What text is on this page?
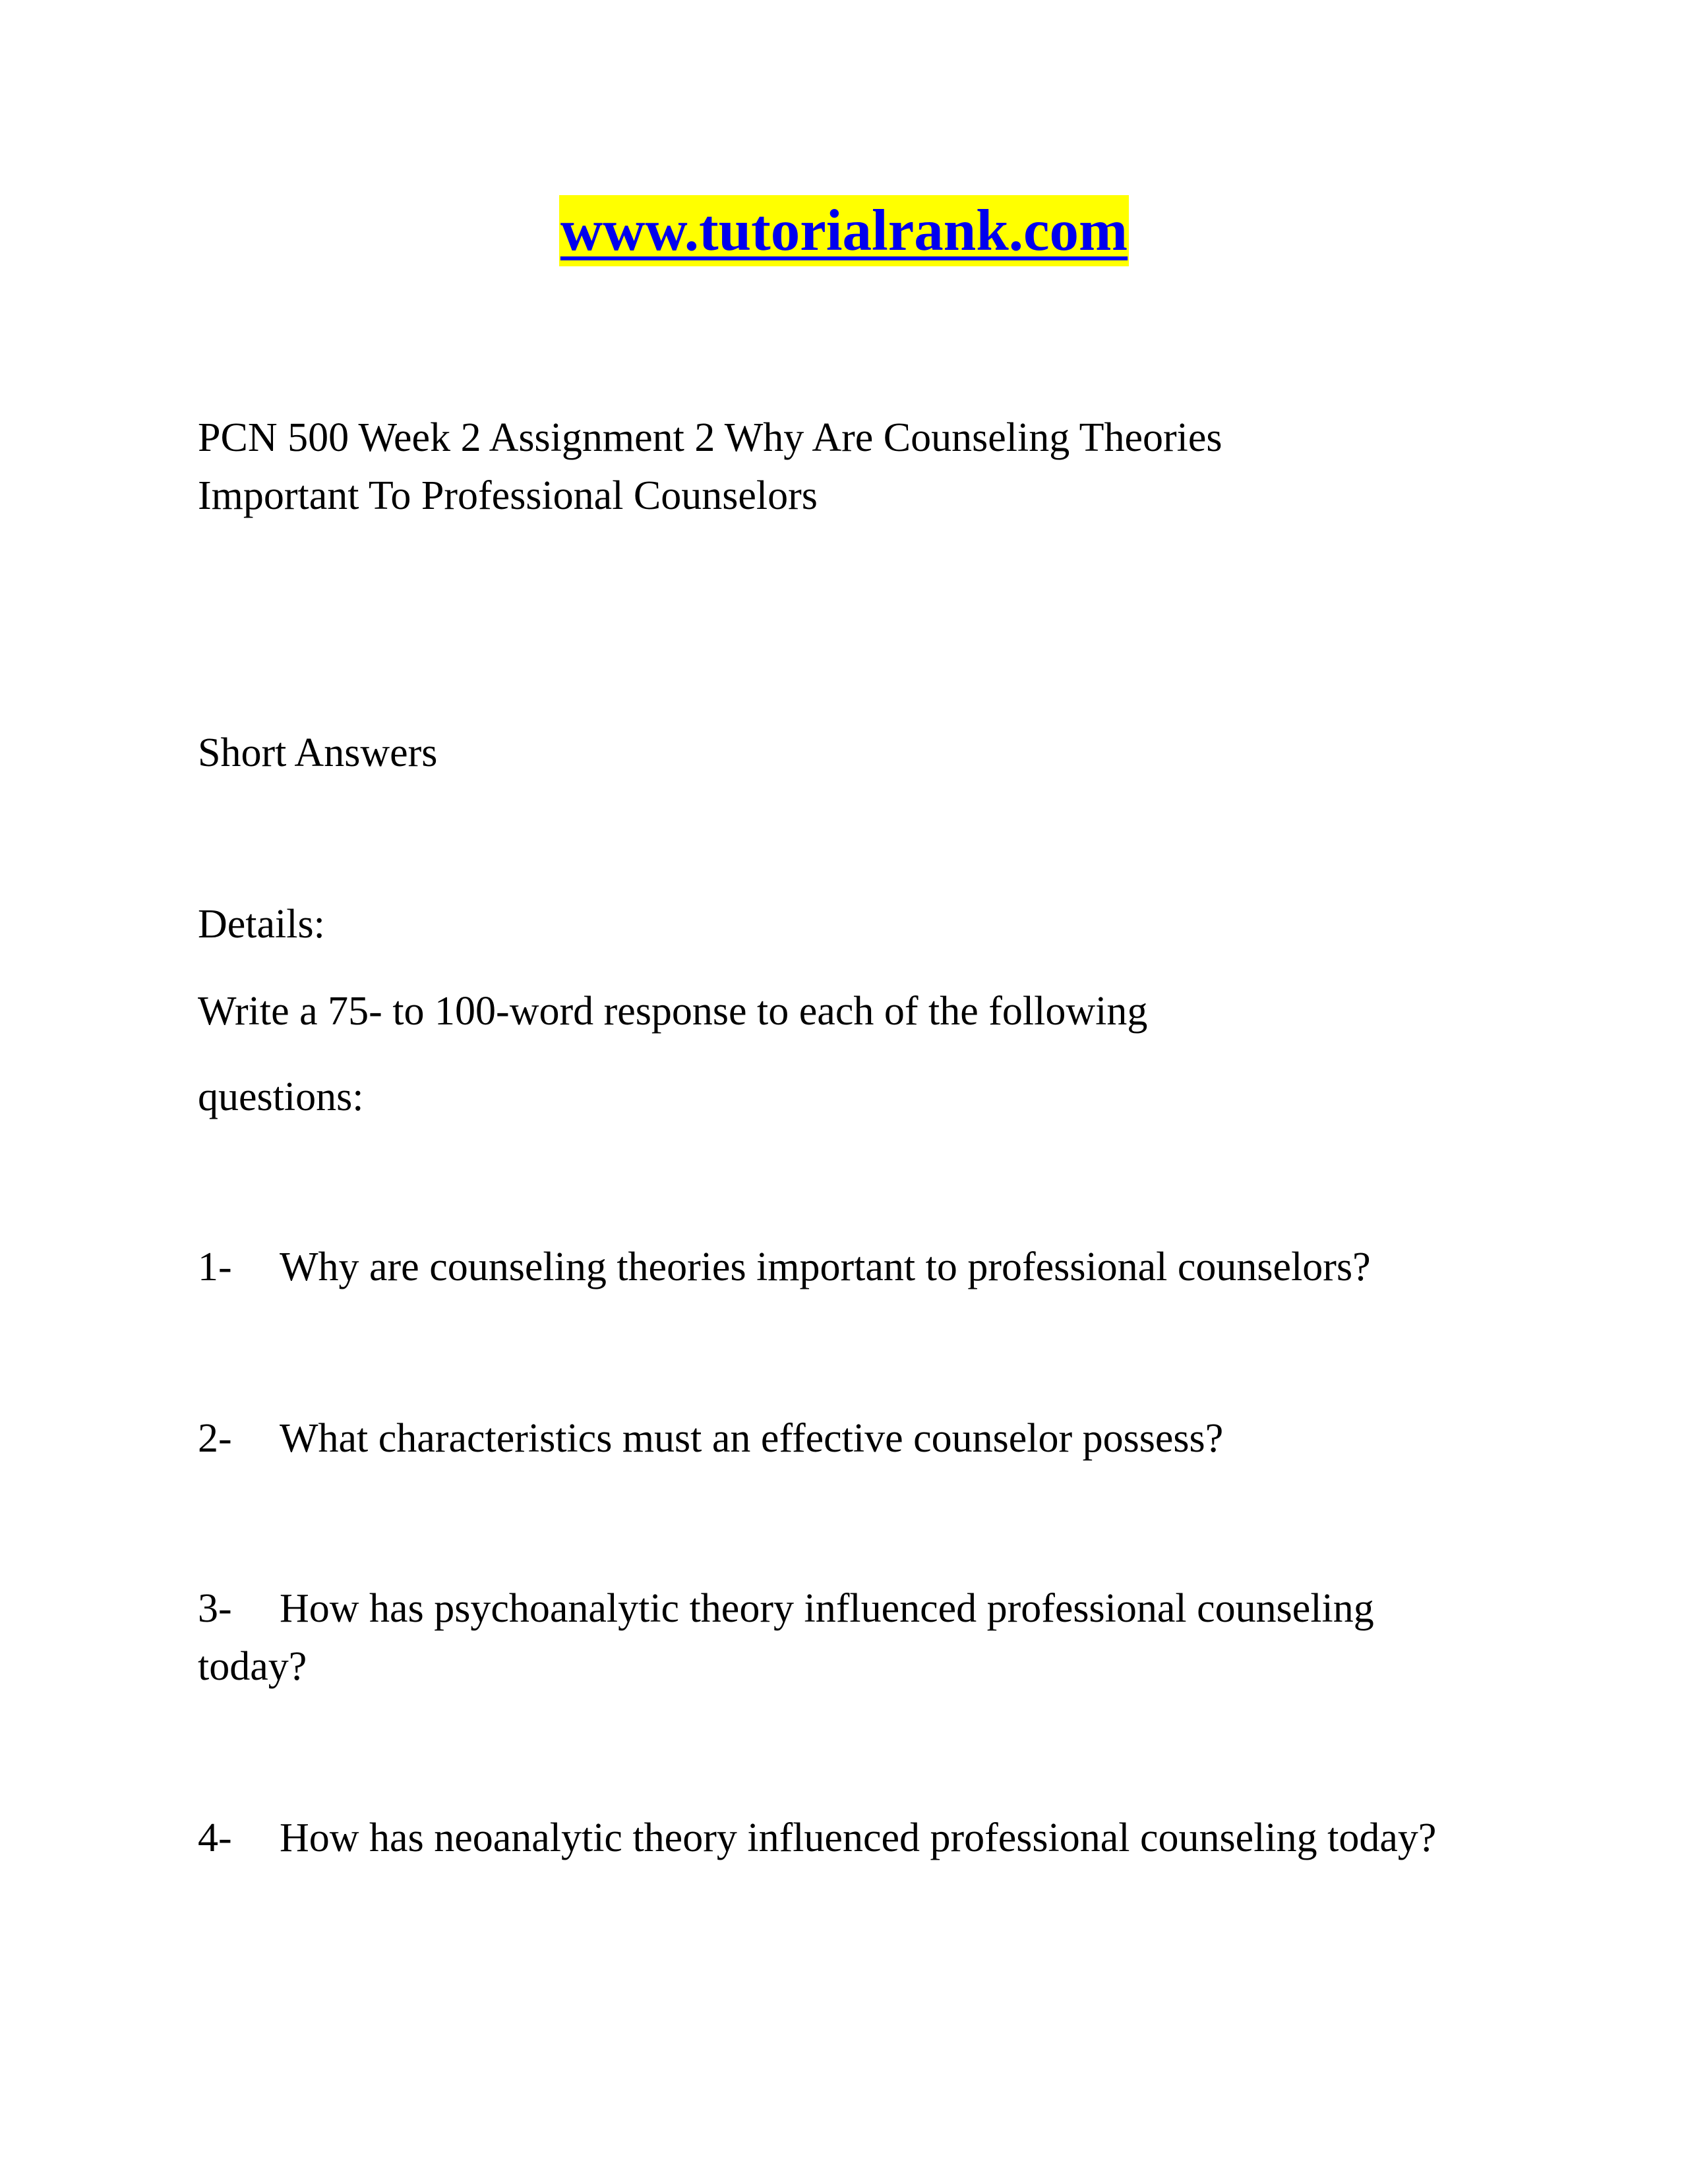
www.tutorialrank.com
PCN 500 Week 2 Assignment 2 Why Are Counseling Theories Important To Professional Counselors
Short Answers
Details:
Write a 75- to 100-word response to each of the following
questions:
1- Why are counseling theories important to professional counselors?
2- What characteristics must an effective counselor possess?
3- How has psychoanalytic theory influenced professional counseling today?
4- How has neoanalytic theory influenced professional counseling today?
